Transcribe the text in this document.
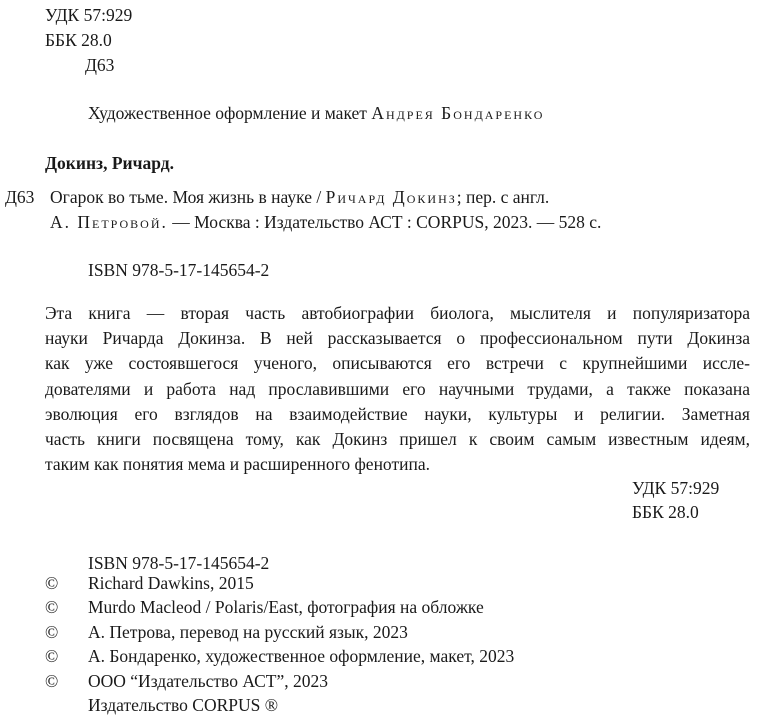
УДК 57:929
ББК 28.0
Д63
Художественное оформление и макет Андрея Бондаренко
Докинз, Ричард.
Д63 Огарок во тьме. Моя жизнь в науке / Ричард Докинз; пер. с англ.
А. Петровой. — Москва : Издательство АСТ : CORPUS, 2023. — 528 с.
ISBN 978-5-17-145654-2
Эта книга — вторая часть автобиографии биолога, мыслителя и популяризатора
науки Ричарда Докинза. В ней рассказывается о профессиональном пути Докинза
как уже состоявшегося ученого, описываются его встречи с крупнейшими иссле-
дователями и работа над прославившими его научными трудами, а также показана
эволюция его взглядов на взаимодействие науки, культуры и религии. Заметная
часть книги посвящена тому, как Докинз пришел к своим самым известным идеям,
таким как понятия мема и расширенного фенотипа.
УДК 57:929
ББК 28.0
ISBN 978-5-17-145654-2
© Richard Dawkins, 2015
© Murdo Macleod / Polaris/East, фотография на обложке
© А. Петрова, перевод на русский язык, 2023
© А. Бондаренко, художественное оформление, макет, 2023
© ООО “Издательство АСТ”, 2023
Издательство CORPUS ®
